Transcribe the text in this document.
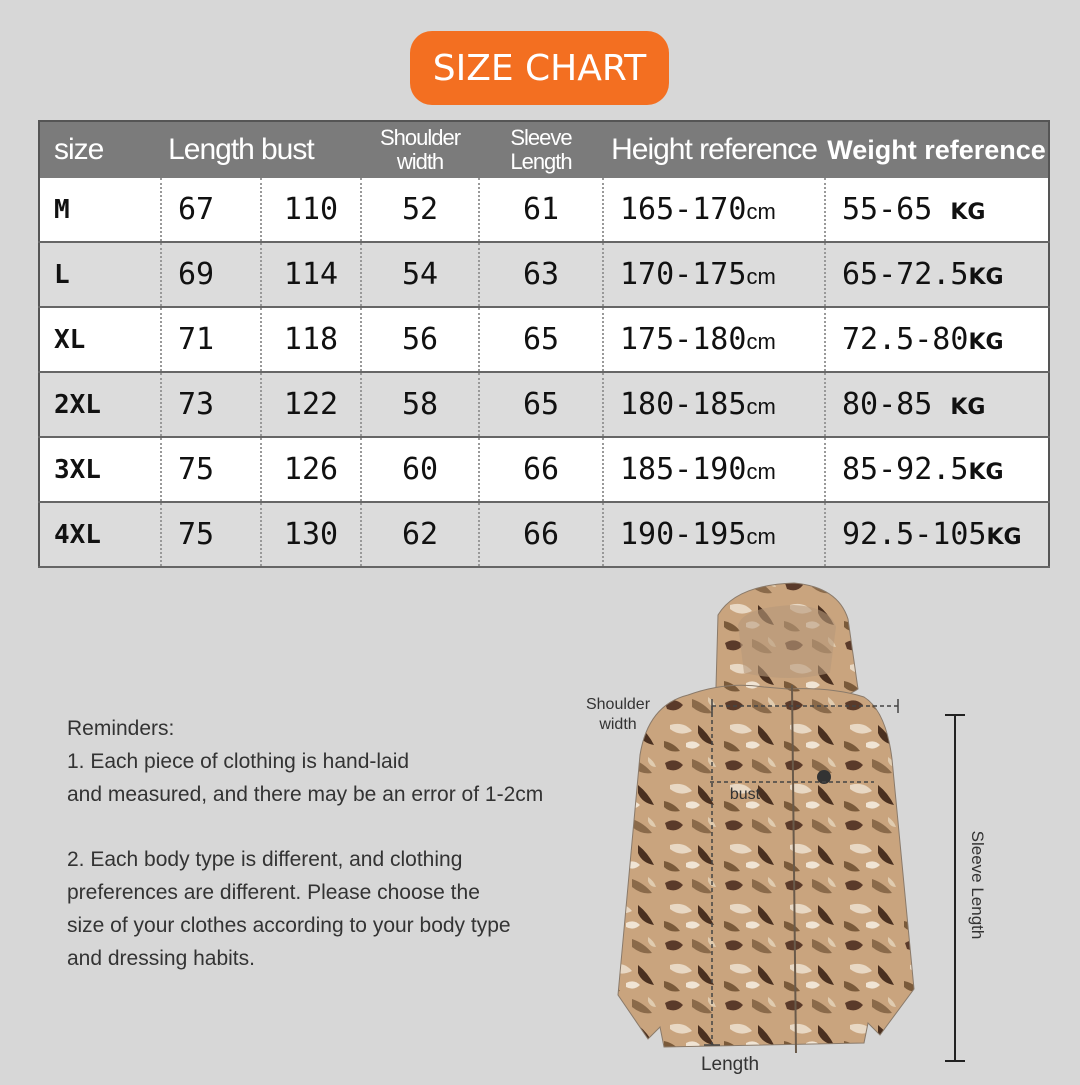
SIZE CHART
size	Length	bust	Shoulder width	Sleeve Length	Height reference	Weight reference
M	67	110	52	61	165-170cm	55-65 KG
L	69	114	54	63	170-175cm	65-72.5KG
XL	71	118	56	65	175-180cm	72.5-80KG
2XL	73	122	58	65	180-185cm	80-85 KG
3XL	75	126	60	66	185-190cm	85-92.5KG
4XL	75	130	62	66	190-195cm	92.5-105KG

Reminders:

1. Each piece of clothing is hand-laid

and measured, and there may be an error of 1-2cm

2. Each body type is different, and clothing

preferences are different. Please choose the

size of your clothes according to your body type

and dressing habits.

Shoulder
width
bust
Sleeve Length
Length
